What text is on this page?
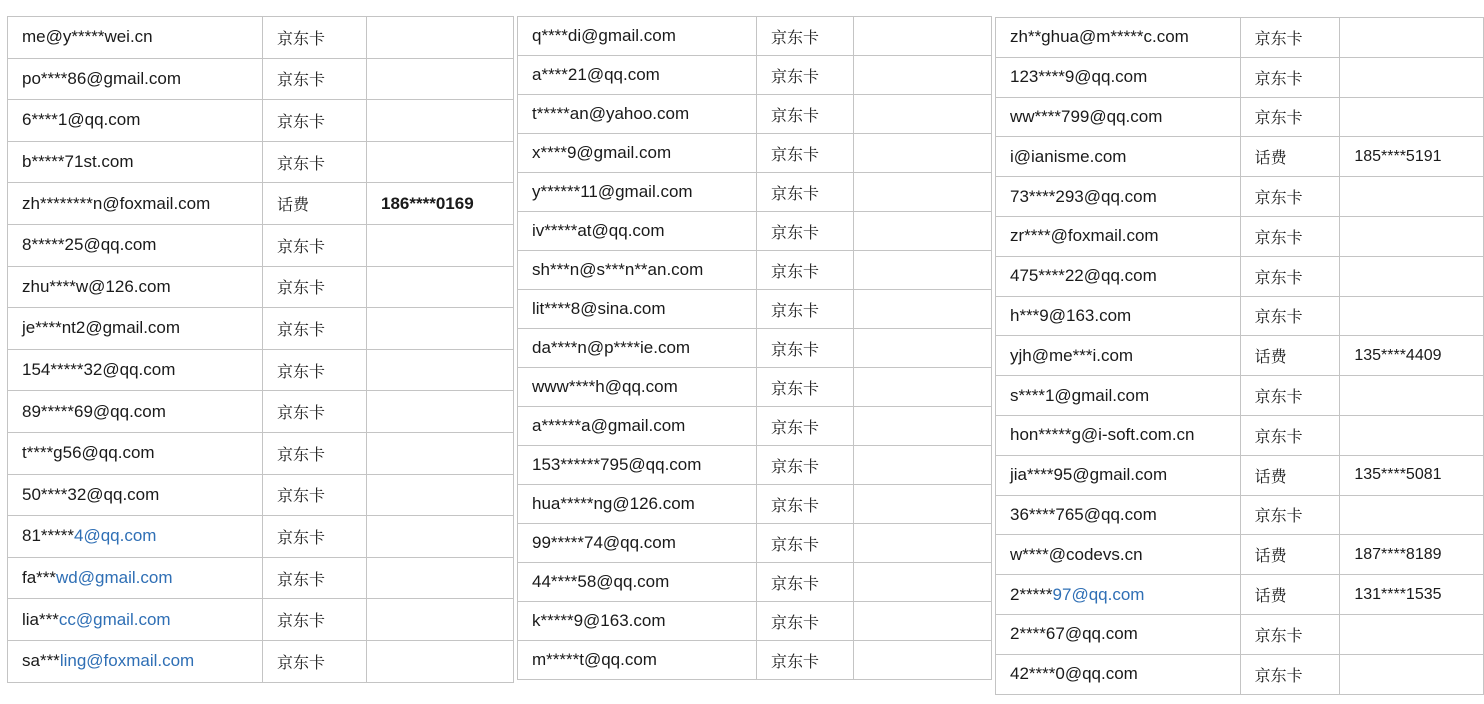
me@y*****wei.cn	京东卡	
po****86@gmail.com	京东卡	
6****1@qq.com	京东卡	
b*****71st.com	京东卡	
zh********n@foxmail.com	话费	186****0169
8*****25@qq.com	京东卡	
zhu****w@126.com	京东卡	
je****nt2@gmail.com	京东卡	
154*****32@qq.com	京东卡	
89*****69@qq.com	京东卡	
t****g56@qq.com	京东卡	
50****32@qq.com	京东卡	
81*****4@qq.com	京东卡	
fa***wd@gmail.com	京东卡	
lia***cc@gmail.com	京东卡	
sa***ling@foxmail.com	京东卡	
q****di@gmail.com	京东卡	
a****21@qq.com	京东卡	
t*****an@yahoo.com	京东卡	
x****9@gmail.com	京东卡	
y******11@gmail.com	京东卡	
iv*****at@qq.com	京东卡	
sh***n@s***n**an.com	京东卡	
lit****8@sina.com	京东卡	
da****n@p****ie.com	京东卡	
www****h@qq.com	京东卡	
a******a@gmail.com	京东卡	
153******795@qq.com	京东卡	
hua*****ng@126.com	京东卡	
99*****74@qq.com	京东卡	
44****58@qq.com	京东卡	
k*****9@163.com	京东卡	
m*****t@qq.com	京东卡	
zh**ghua@m*****c.com	京东卡	
123****9@qq.com	京东卡	
ww****799@qq.com	京东卡	
i@ianisme.com	话费	185****5191
73****293@qq.com	京东卡	
zr****@foxmail.com	京东卡	
475****22@qq.com	京东卡	
h***9@163.com	京东卡	
yjh@me***i.com	话费	135****4409
s****1@gmail.com	京东卡	
hon*****g@i-soft.com.cn	京东卡	
jia****95@gmail.com	话费	135****5081
36****765@qq.com	京东卡	
w****@codevs.cn	话费	187****8189
2*****97@qq.com	话费	131****1535
2****67@qq.com	京东卡	
42****0@qq.com	京东卡	
